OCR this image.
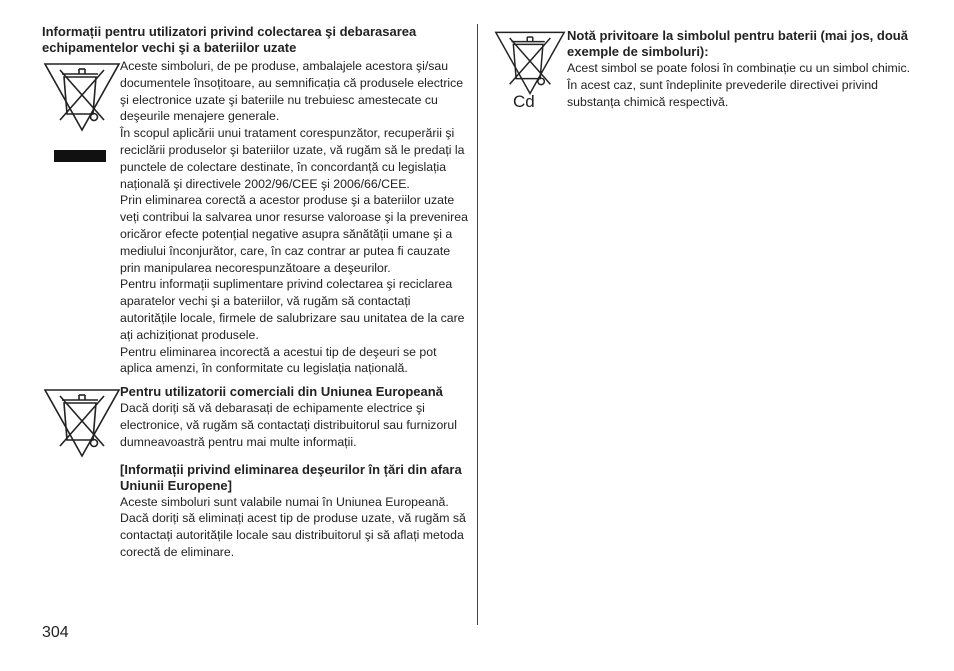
Informații pentru utilizatori privind colectarea şi debarasarea echipamentelor vechi şi a bateriilor uzate

Aceste simboluri, de pe produse, ambalajele acestora şi/sau documentele însoțitoare, au semnificația că produsele electrice şi electronice uzate şi bateriile nu trebuiesc amestecate cu deşeurile menajere generale.

În scopul aplicării unui tratament corespunzător, recuperării şi reciclării produselor şi bateriilor uzate, vă rugăm să le predați la punctele de colectare destinate, în concordanță cu legislația națională şi directivele 2002/96/CEE şi 2006/66/CEE.

Prin eliminarea corectă a acestor produse şi a bateriilor uzate veți contribui la salvarea unor resurse valoroase şi la prevenirea oricăror efecte potențial negative asupra sănătății umane şi a mediului înconjurător, care, în caz contrar ar putea fi cauzate prin manipularea necorespunzătoare a deşeurilor.

Pentru informații suplimentare privind colectarea şi reciclarea aparatelor vechi şi a bateriilor, vă rugăm să contactați autoritățile locale, firmele de salubrizare sau unitatea de la care ați achiziționat produsele.

Pentru eliminarea incorectă a acestui tip de deşeuri se pot aplica amenzi, în conformitate cu legislația națională.

Pentru utilizatorii comerciali din Uniunea Europeană

Dacă doriți să vă debarasați de echipamente electrice şi electronice, vă rugăm să contactați distribuitorul sau furnizorul dumneavoastră pentru mai multe informații.

[Informații privind eliminarea deşeurilor în țări din afara Uniunii Europene]

Aceste simboluri sunt valabile numai în Uniunea Europeană. Dacă doriți să eliminați acest tip de produse uzate, vă rugăm să contactați autoritățile locale sau distribuitorul şi să aflați metoda corectă de eliminare.

Cd
Notă privitoare la simbolul pentru baterii (mai jos, două exemple de simboluri):

Acest simbol se poate folosi în combinație cu un simbol chimic. În acest caz, sunt îndeplinite prevederile directivei privind substanța chimică respectivă.

304
